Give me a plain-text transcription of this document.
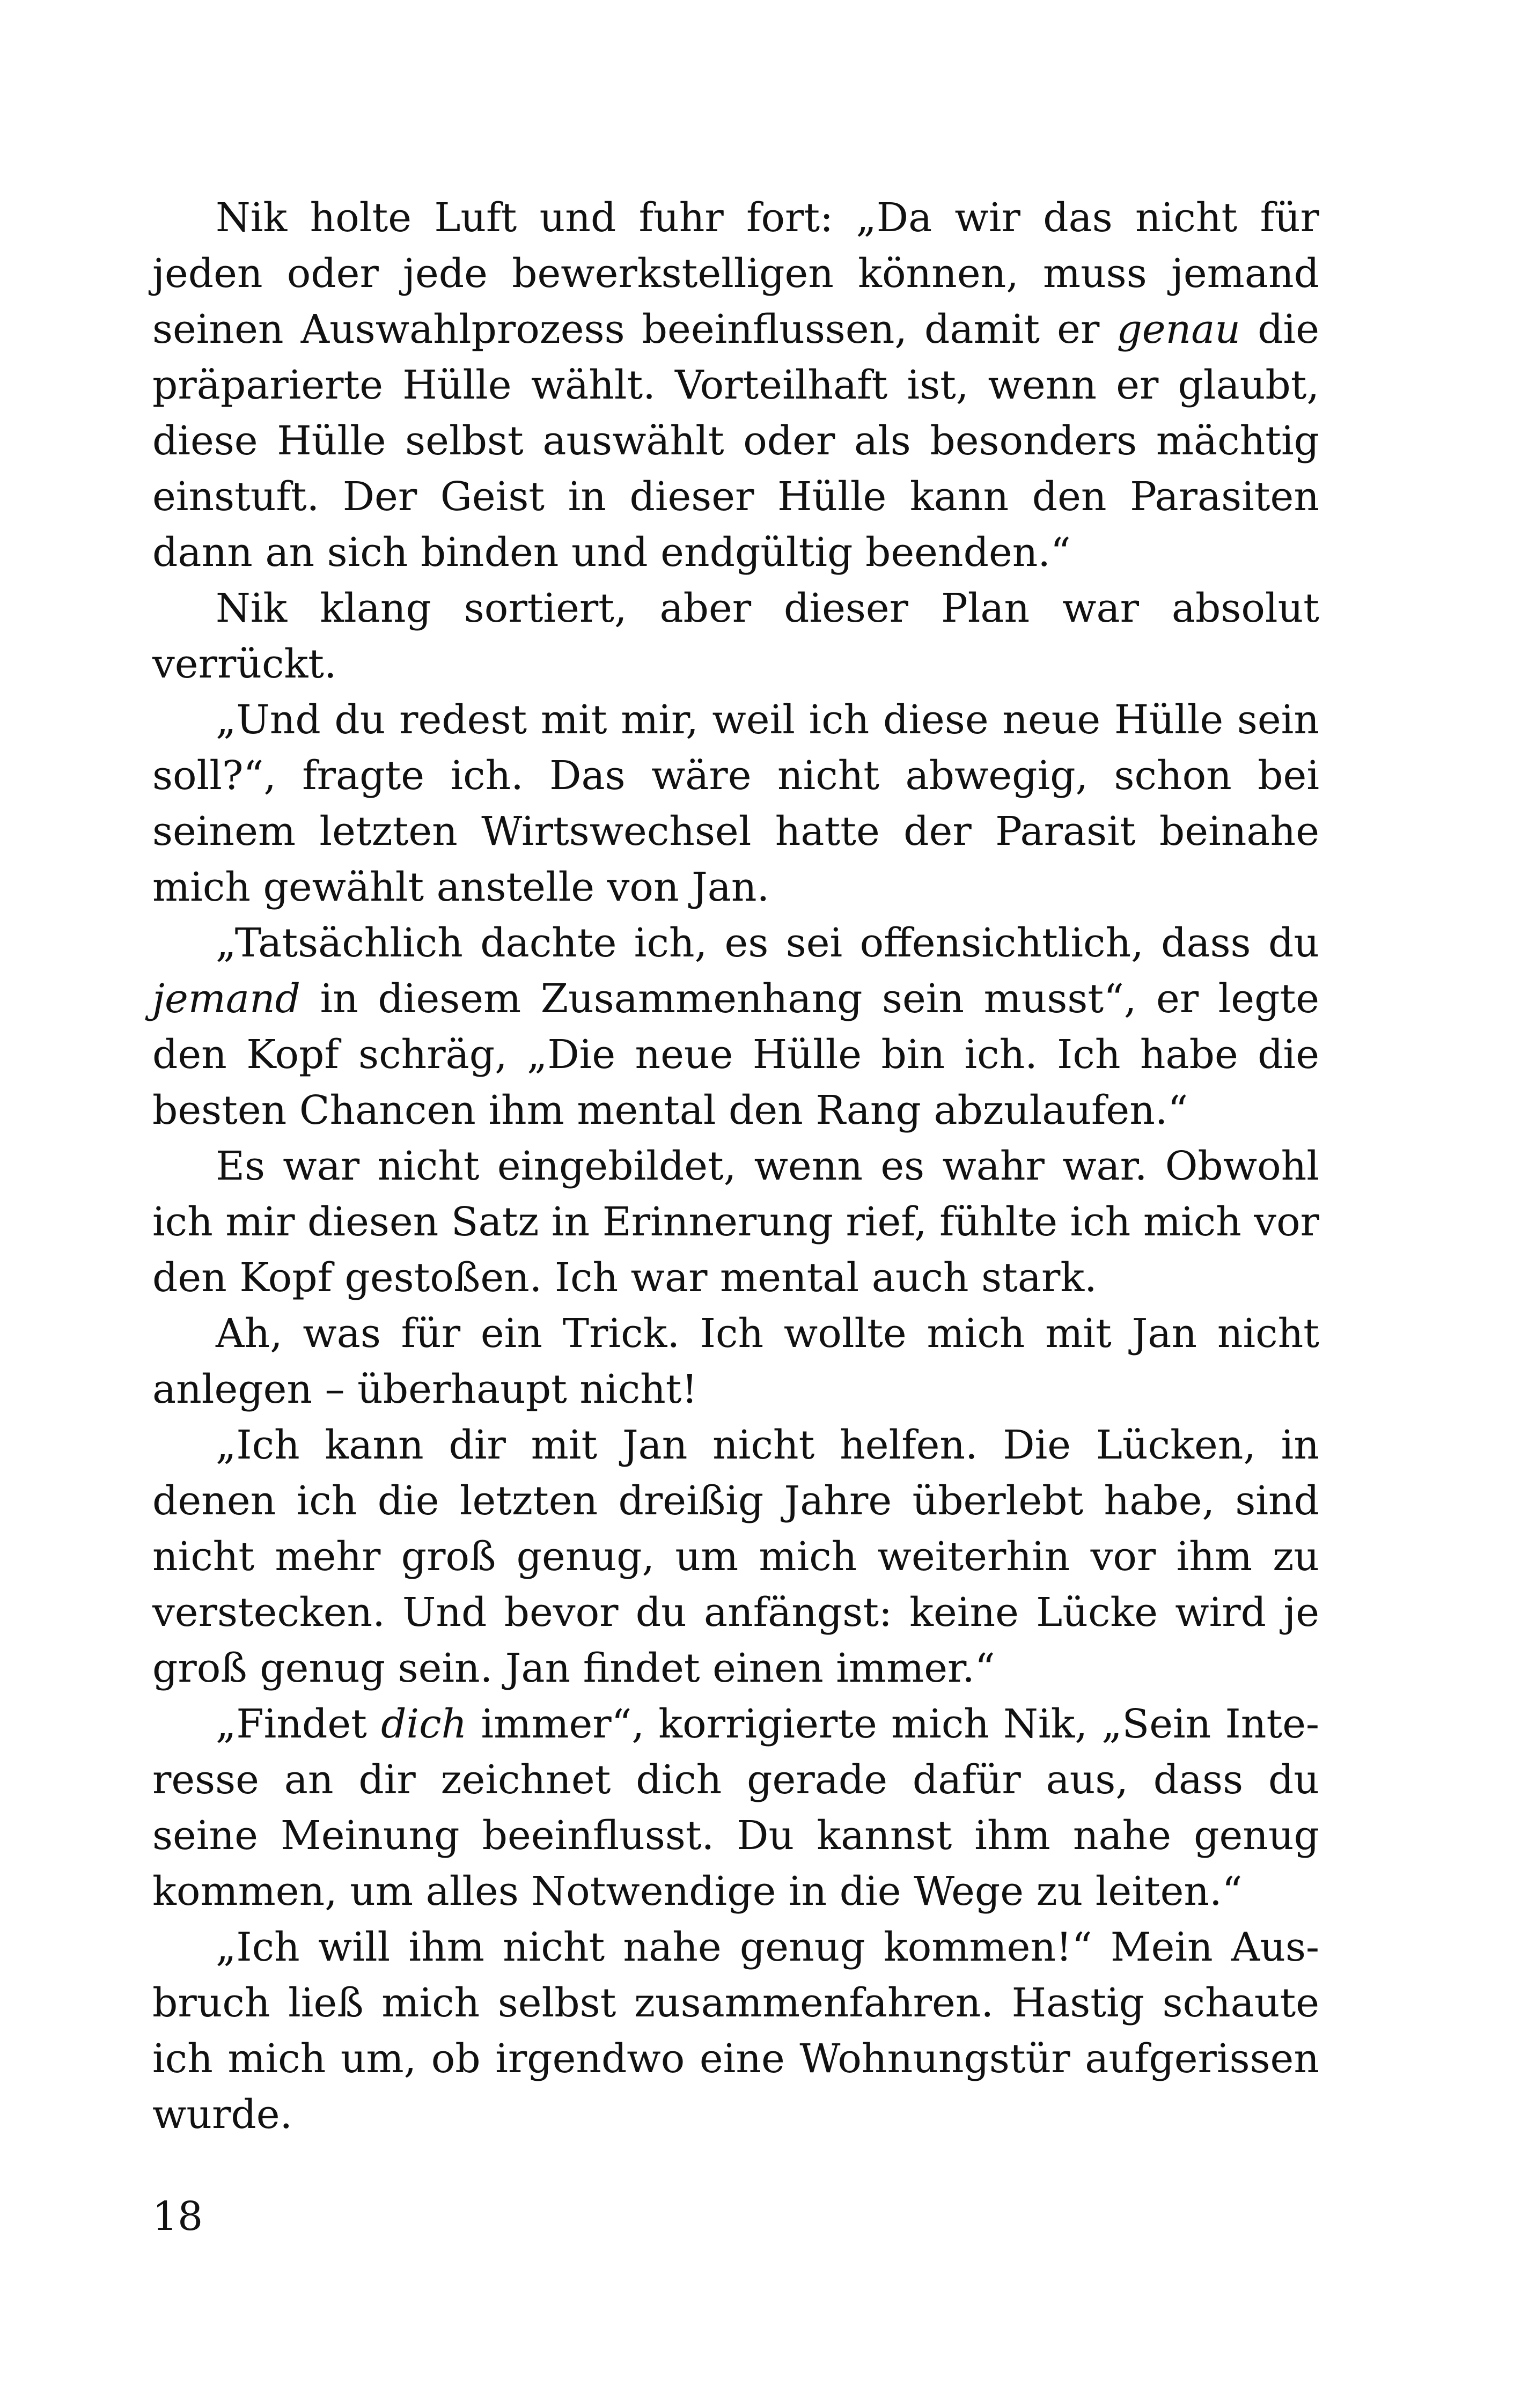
Nik holte Luft und fuhr fort: „Da wir das nicht für jeden oder jede bewerkstelligen können, muss jemand seinen Auswahlprozess beeinflussen, damit er genau die präparierte Hülle wählt. Vorteilhaft ist, wenn er glaubt, diese Hülle selbst auswählt oder als besonders mächtig einstuft. Der Geist in dieser Hülle kann den Parasiten dann an sich binden und endgültig beenden.“

Nik klang sortiert, aber dieser Plan war absolut verrückt.

„Und du redest mit mir, weil ich diese neue Hülle sein soll?“, fragte ich. Das wäre nicht abwegig, schon bei seinem letzten Wirtswechsel hatte der Parasit beinahe mich gewählt anstelle von Jan.

„Tatsächlich dachte ich, es sei offensichtlich, dass du jemand in diesem Zusammenhang sein musst“, er legte den Kopf schräg, „Die neue Hülle bin ich. Ich habe die besten Chancen ihm mental den Rang abzulaufen.“

Es war nicht eingebildet, wenn es wahr war. Obwohl ich mir diesen Satz in Erinnerung rief, fühlte ich mich vor den Kopf gestoßen. Ich war mental auch stark.

Ah, was für ein Trick. Ich wollte mich mit Jan nicht anlegen – überhaupt nicht!

„Ich kann dir mit Jan nicht helfen. Die Lücken, in denen ich die letzten dreißig Jahre überlebt habe, sind nicht mehr groß genug, um mich weiterhin vor ihm zu verstecken. Und bevor du anfängst: keine Lücke wird je groß genug sein. Jan findet einen immer.“

„Findet dich immer“, korrigierte mich Nik, „Sein Interesse an dir zeichnet dich gerade dafür aus, dass du seine Meinung beeinflusst. Du kannst ihm nahe genug kommen, um alles Notwendige in die Wege zu leiten.“

„Ich will ihm nicht nahe genug kommen!“ Mein Ausbruch ließ mich selbst zusammenfahren. Hastig schaute ich mich um, ob irgendwo eine Wohnungstür aufgerissen wurde.

18
